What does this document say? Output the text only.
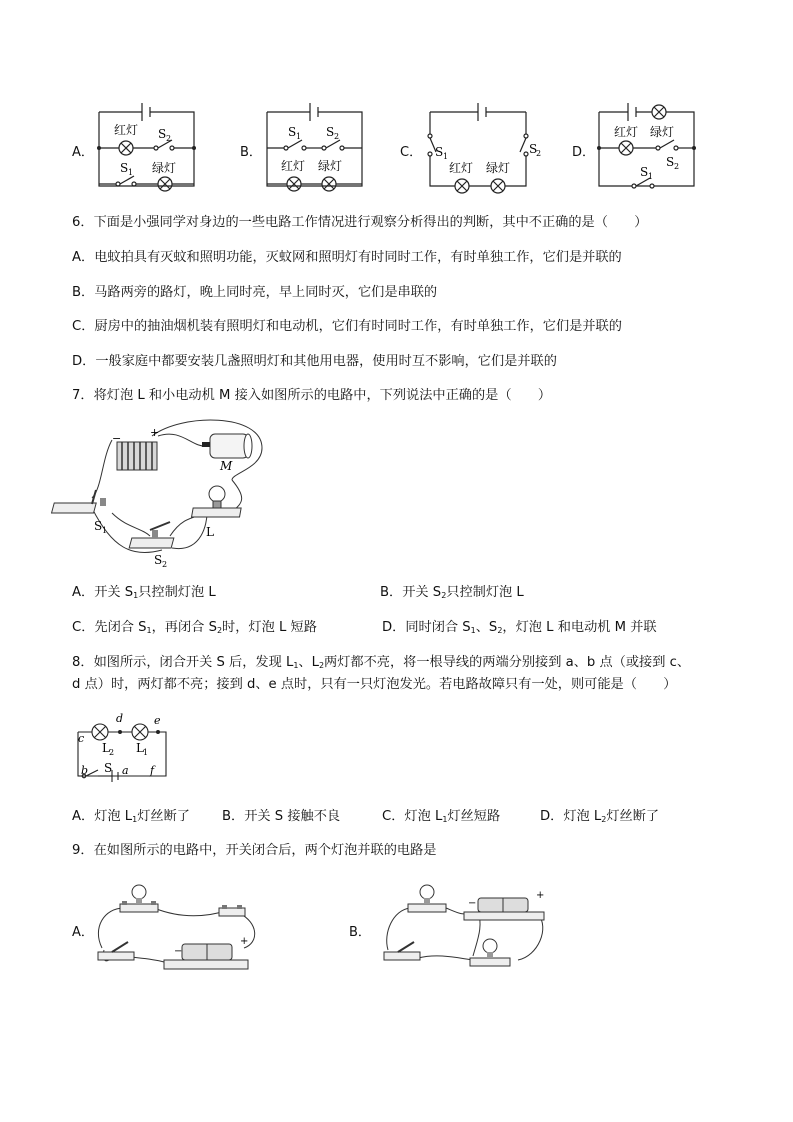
A．
红灯 S 2
S 1 绿灯
B．
S 1 S 2
红灯 绿灯
C． S 1
S
2
红灯 绿灯
D．
红灯 绿灯
S 2
S 1
6．下面是小强同学对身边的一些电路工作情况进行观察分析得出的判断，其中不正确的是（　　）
A．电蚊拍具有灭蚊和照明功能，灭蚊网和照明灯有时同时工作，有时单独工作，它们是并联的
B．马路两旁的路灯，晚上同时亮，早上同时灭，它们是串联的
C．厨房中的抽油烟机装有照明灯和电动机，它们有时同时工作，有时单独工作，它们是并联的
D．一般家庭中都要安装几盏照明灯和其他用电器，使用时互不影响，它们是并联的
7．将灯泡 L 和小电动机 M 接入如图所示的电路中，下列说法中正确的是（　　）
−	+
M
S 1
S 2
L
A．开关 $S_1$只控制灯泡 L	B．开关 $S_2$只控制灯泡 L
C．先闭合 $S_1$，再闭合 $S_2$时，灯泡 L 短路	D．同时闭合 $S_1$、$S_2$，灯泡 L 和电动机 M 并联
8．如图所示，闭合开关 S 后，发现 $L_1$、$L_2$两灯都不亮，将一根导线的两端分别接到 a、b 点（或接到 c、
d 点）时，两灯都不亮；接到 d、e 点时，只有一只灯泡发光。若电路故障只有一处，则可能是（　　）
c
d	e
L 2 L 1
b S a f
A．灯泡 $L_1$灯丝断了 B．开关 S 接触不良	C．灯泡 $L_1$灯丝短路	D．灯泡 $L_2$灯丝断了
9．在如图所示的电路中，开关闭合后，两个灯泡并联的电路是
A．
−
+
B．
−
+
